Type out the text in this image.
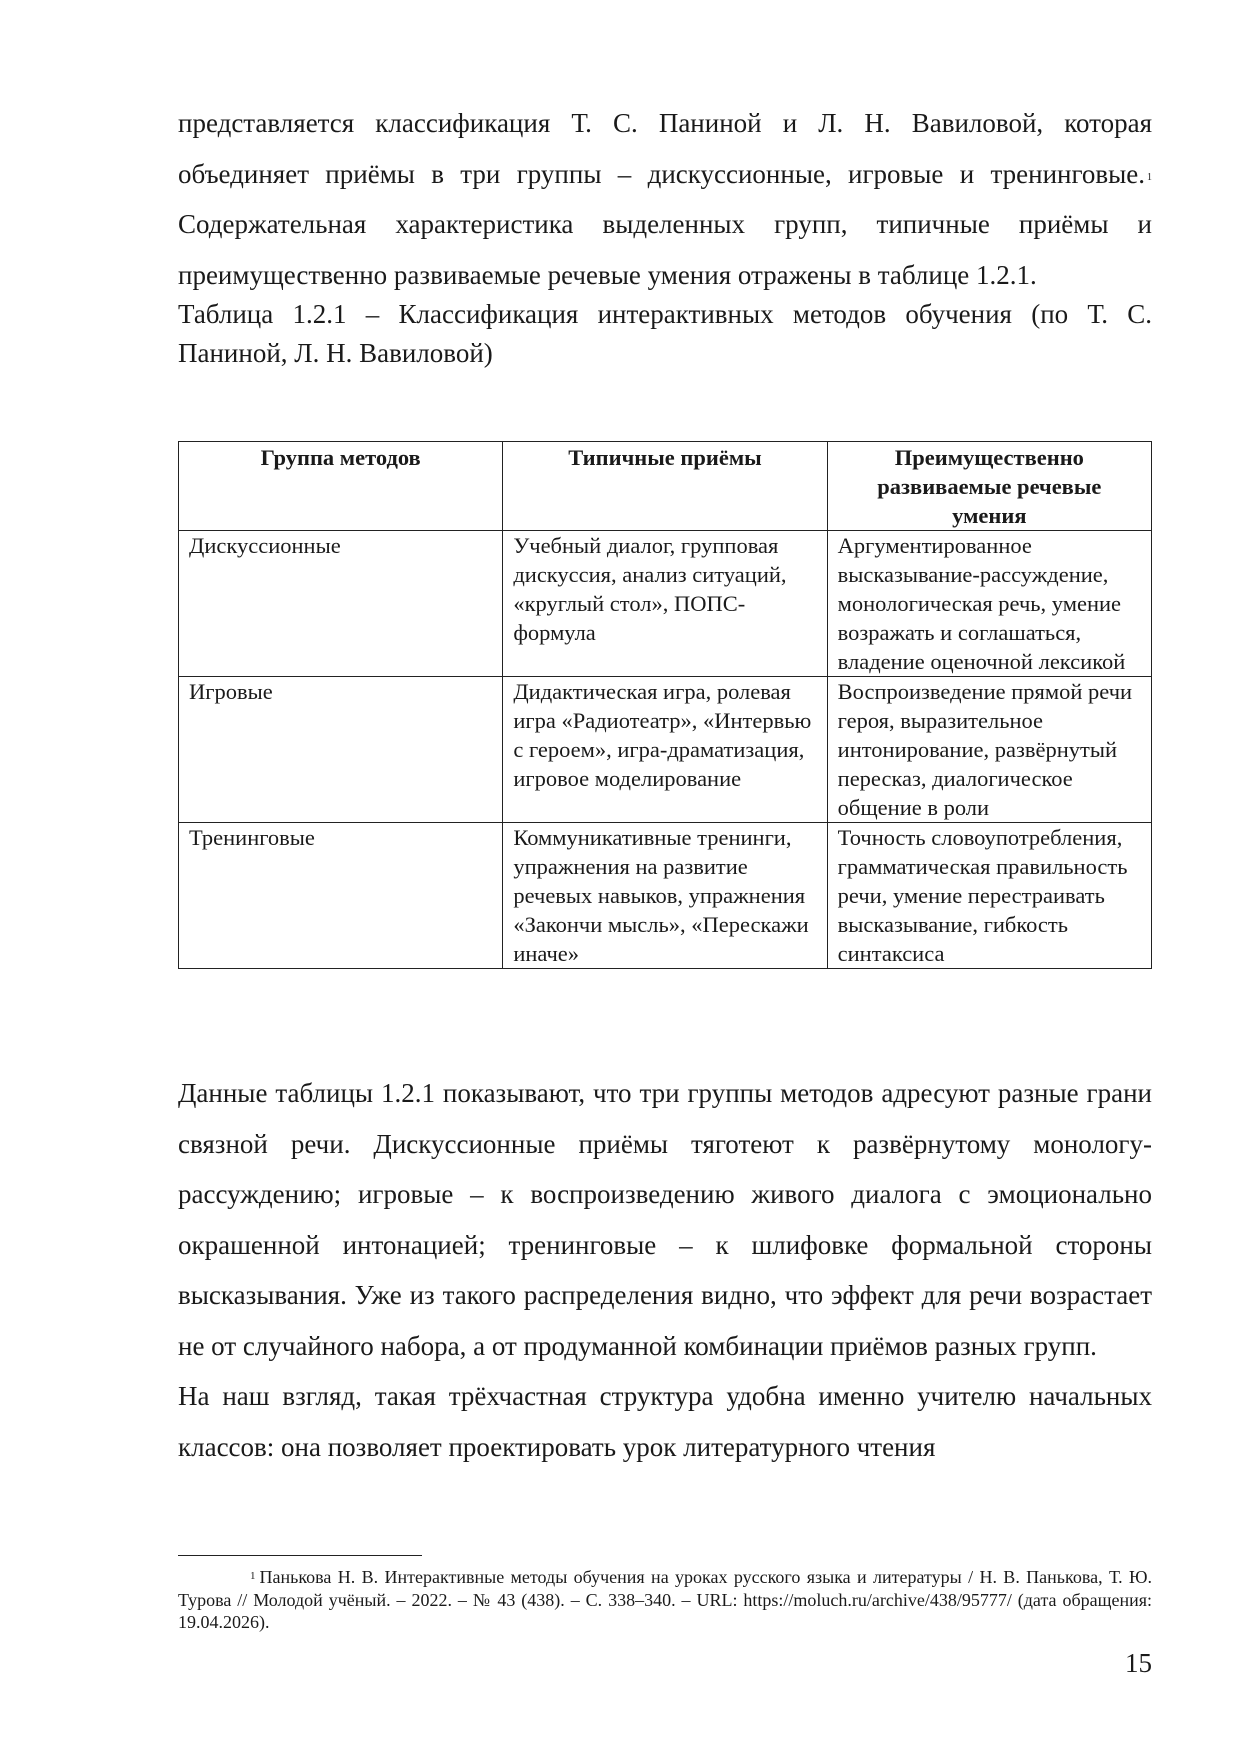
представляется классификация Т. С. Паниной и Л. Н. Вавиловой, которая объединяет приёмы в три группы – дискуссионные, игровые и тренинговые. $^1$ Содержательная характеристика выделенных групп, типичные приёмы и преимущественно развиваемые речевые умения отражены в таблице 1.2.1.

Таблица 1.2.1 – Классификация интерактивных методов обучения (по Т. С. Паниной, Л. Н. Вавиловой)

Группа методов	Типичные приёмы	Преимущественно развиваемые речевые умения
Дискуссионные	Учебный диалог, групповая дискуссия, анализ ситуаций, «круглый стол», ПОПС-формула	Аргументированное высказывание-рассуждение, монологическая речь, умение возражать и соглашаться, владение оценочной лексикой
Игровые	Дидактическая игра, ролевая игра «Радиотеатр», «Интервью с героем», игра-драматизация, игровое моделирование	Воспроизведение прямой речи героя, выразительное интонирование, развёрнутый пересказ, диалогическое общение в роли
Тренинговые	Коммуникативные тренинги, упражнения на развитие речевых навыков, упражнения «Закончи мысль», «Перескажи иначе»	Точность словоупотребления, грамматическая правильность речи, умение перестраивать высказывание, гибкость синтаксиса

Данные таблицы 1.2.1 показывают, что три группы методов адресуют разные грани связной речи. Дискуссионные приёмы тяготеют к развёрнутому монологу-рассуждению; игровые – к воспроизведению живого диалога с эмоционально окрашенной интонацией; тренинговые – к шлифовке формальной стороны высказывания. Уже из такого распределения видно, что эффект для речи возрастает не от случайного набора, а от продуманной комбинации приёмов разных групп.

На наш взгляд, такая трёхчастная структура удобна именно учителю начальных классов: она позволяет проектировать урок литературного чтения

$^1$ Панькова Н. В. Интерактивные методы обучения на уроках русского языка и литературы / Н. В. Панькова, Т. Ю. Турова // Молодой учёный. – 2022. – № 43 (438). – С. 338–340. – URL: https://moluch.ru/archive/438/95777/ (дата обращения: 19.04.2026).

15
